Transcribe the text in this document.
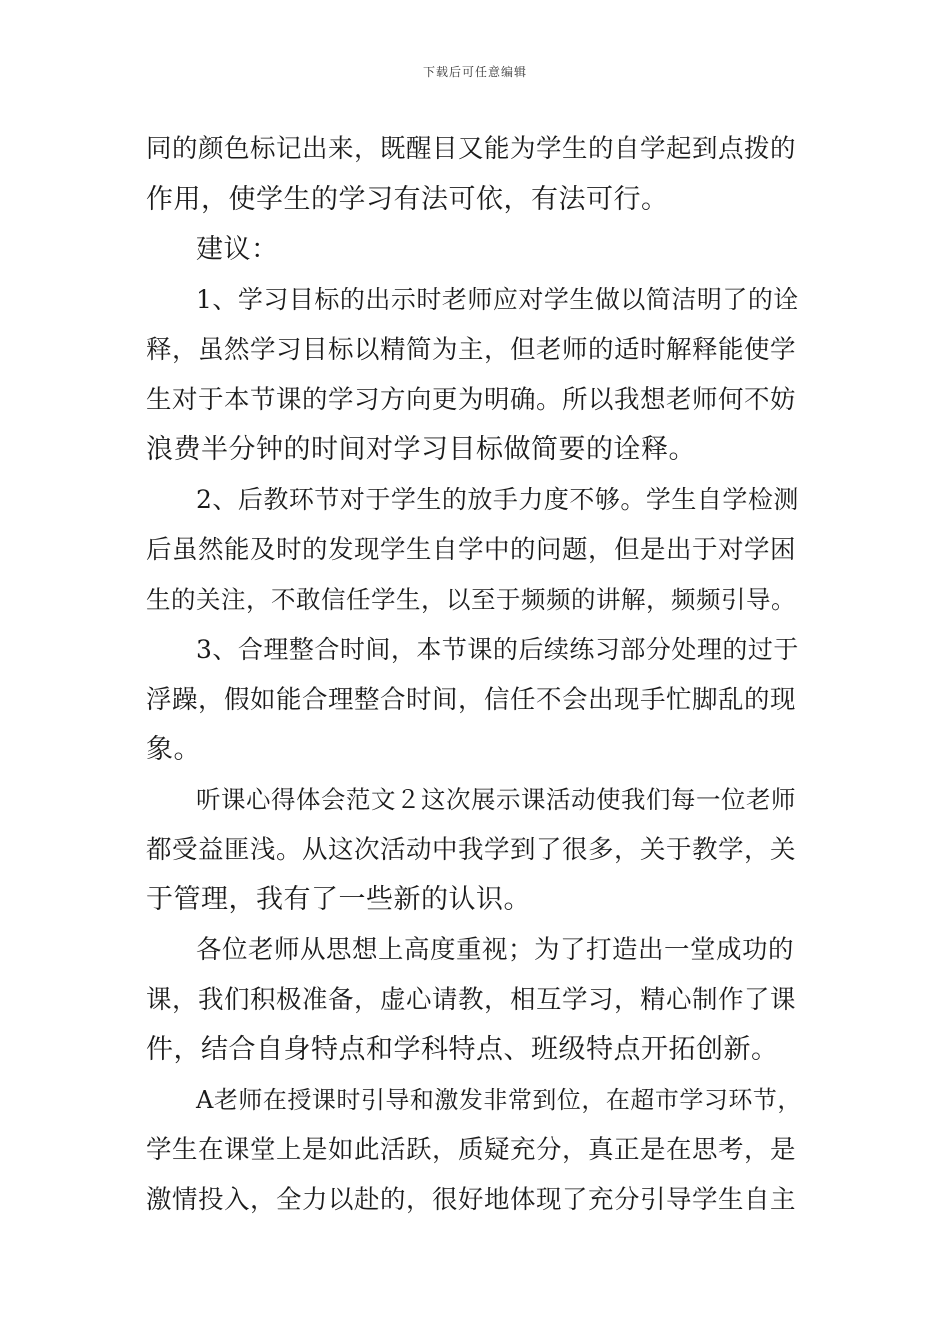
下载后可任意编辑
同的颜色标记出来，既醒目又能为学生的自学起到点拨的
作用，使学生的学习有法可依，有法可行。
建议：
1、学习目标的出示时老师应对学生做以简洁明了的诠
释，虽然学习目标以精简为主，但老师的适时解释能使学
生对于本节课的学习方向更为明确。所以我想老师何不妨
浪费半分钟的时间对学习目标做简要的诠释。
2、后教环节对于学生的放手力度不够。学生自学检测
后虽然能及时的发现学生自学中的问题，但是出于对学困
生的关注，不敢信任学生，以至于频频的讲解，频频引导。
3、合理整合时间，本节课的后续练习部分处理的过于
浮躁，假如能合理整合时间，信任不会出现手忙脚乱的现
象。
听课心得体会范文２这次展示课活动使我们每一位老师
都受益匪浅。从这次活动中我学到了很多，关于教学，关
于管理，我有了一些新的认识。
各位老师从思想上高度重视；为了打造出一堂成功的
课，我们积极准备，虚心请教，相互学习，精心制作了课
件，结合自身特点和学科特点、班级特点开拓创新。
A老师在授课时引导和激发非常到位，在超市学习环节，
学生在课堂上是如此活跃，质疑充分，真正是在思考，是
激情投入，全力以赴的，很好地体现了充分引导学生自主
